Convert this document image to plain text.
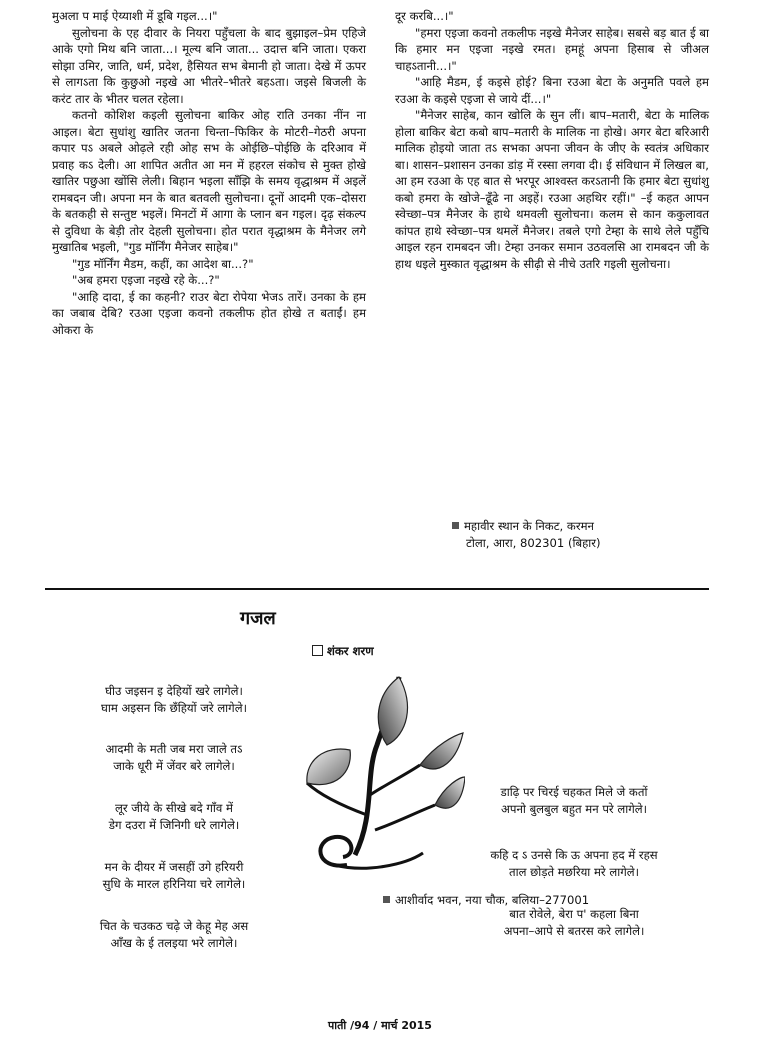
मुअला प माई ऐय्याशी में डूबि गइल...।"

सुलोचना के एह दीवार के नियरा पहुँचला के बाद बुझाइल–प्रेम एहिजे आके एगो मिथ बनि जाता...। मूल्य बनि जाता... उदात्त बनि जाता। एकरा सोझा उमिर, जाति, धर्म, प्रदेश, हैसियत सभ बेमानी हो जाता। देखे में ऊपर से लागऽता कि कुछुओ नइखे आ भीतरे–भीतरे बहऽता। जइसे बिजली के करंट तार के भीतर चलत रहेला।

कतनो कोशिश कइली सुलोचना बाकिर ओह राति उनका नींन ना आइल। बेटा सुधांशु खातिर जतना चिन्ता–फिकिर के मोटरी–गेठरी अपना कपार पऽ अबले ओढ़ले रही ओह सभ के ओईछि–पोईछि के दरिआव में प्रवाह कऽ देली। आ शापित अतीत आ मन में हहरल संकोच से मुक्त होखे खातिर पछुआ खोंसि लेली। बिहान भइला साँझि के समय वृद्धाश्रम में अइलें रामबदन जी। अपना मन के बात बतवली सुलोचना। दूनों आदमी एक–दोसरा के बतकही से सन्तुष्ट भइलें। मिनटों में आगा के प्लान बन गइल। दृढ़ संकल्प से दुविधा के बेड़ी तोर देहली सुलोचना। होत परात वृद्धाश्रम के मैनेजर लगे मुखातिब भइली, "गुड मॉर्निंग मैनेजर साहेब।"

"गुड मॉर्निंग मैडम, कहीं, का आदेश बा...?"

"अब हमरा एइजा नइखे रहे के...?"

"आहि दादा, ई का कहनी? राउर बेटा रोपेया भेजऽ तारें। उनका के हम का जबाब देबि? रउआ एइजा कवनो तकलीफ होत होखे त बताईं। हम ओकरा के

दूर करबि...।"

"हमरा एइजा कवनो तकलीफ नइखे मैनेजर साहेब। सबसे बड़ बात ई बा कि हमार मन एइजा नइखे रमत। हमहूं अपना हिसाब से जीअल चाहऽतानी...।"

"आहि मैडम, ई कइसे होई? बिना रउआ बेटा के अनुमति पवले हम रउआ के कइसे एइजा से जाये दीं...।"

"मैनेजर साहेब, कान खोलि के सुन लीं। बाप–मतारी, बेटा के मालिक होला बाकिर बेटा कबो बाप–मतारी के मालिक ना होखे। अगर बेटा बरिआरी मालिक होइयो जाता तऽ सभका अपना जीवन के जीए के स्वतंत्र अधिकार बा। शासन–प्रशासन उनका डांड़ में रस्सा लगवा दी। ई संविधान में लिखल बा, आ हम रउआ के एह बात से भरपूर आश्वस्त करऽतानी कि हमार बेटा सुधांशु कबो हमरा के खोजे–ढूँढे ना अइहें। रउआ अहथिर रहीं।" –ई कहत आपन स्वेच्छा–पत्र मैनेजर के हाथे थमवली सुलोचना। कलम से कान ककुलावत कांपत हाथे स्वेच्छा–पत्र थमलें मैनेजर। तबले एगो टेम्हा के साथे लेले पहुँचि आइल रहन रामबदन जी। टेम्हा उनकर समान उठवलसि आ रामबदन जी के हाथ धइले मुस्कात वृद्धाश्रम के सीढ़ी से नीचे उतरि गइली सुलोचना।

महावीर स्थान के निकट, करमन
टोला, आरा, 802301 (बिहार)
गजल
शंकर शरण
घीउ जइसन इ देहियों खरे लागेले।
घाम अइसन कि छँहियों जरे लागेले।
आदमी के मती जब मरा जाले तऽ
जाके धूरी में जेंवर बरे लागेले।
लूर जीये के सीखे बदे गाँव में
डेग दउरा में जिनिगी धरे लागेले।
मन के दीयर में जसहीं उगे हरियरी
सुधि के मारल हरिनिया चरे लागेले।
चित के चउकठ चढ़े जे केहू मेह अस
आँख के ई तलइया भरे लागेले।
डाढ़ि पर चिरई चहकत मिले जे कतों
अपनो बुलबुल बहुत मन परे लागेले।
कहि द ऽ उनसे कि ऊ अपना हद में रहस
ताल छोड़ते मछरिया मरे लागेले।
बात रोवेले, बेरा प' कहला बिना
अपना–आपे से बतरस करे लागेले।
आशीर्वाद भवन, नया चौक, बलिया–277001
पाती /94 / मार्च 2015
